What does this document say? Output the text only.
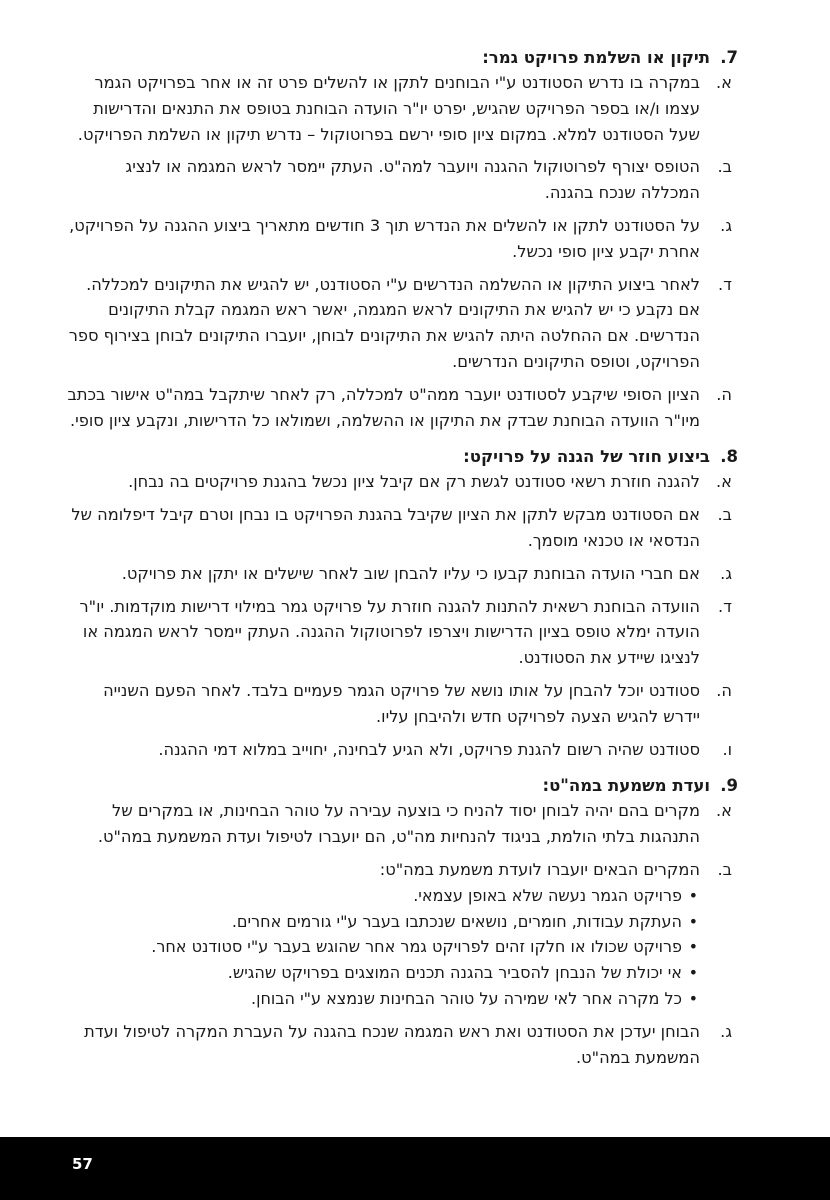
7.
תיקון או השלמת פרויקט גמר:
א.
במקרה בו נדרש הסטודנט ע"י הבוחנים לתקן או להשלים פרט זה או אחר בפרויקט הגמר עצמו ו/או בספר הפרויקט שהגיש, יפרט יו"ר הועדה הבוחנת בטופס את התנאים והדרישות שעל הסטודנט למלא. במקום ציון סופי ירשם בפרוטוקול – נדרש תיקון או השלמת הפרויקט.
ב.
הטופס יצורף לפרוטוקול ההגנה ויועבר למה"ט. העתק יימסר לראש המגמה או לנציג המכללה שנכח בהגנה.
ג.
על הסטודנט לתקן או להשלים את הנדרש תוך 3 חודשים מתאריך ביצוע ההגנה על הפרויקט, אחרת יקבע ציון סופי נכשל.
ד.
לאחר ביצוע התיקון או ההשלמה הנדרשים ע"י הסטודנט, יש להגיש את התיקונים למכללה. אם נקבע כי יש להגיש את התיקונים לראש המגמה, יאשר ראש המגמה קבלת התיקונים הנדרשים. אם ההחלטה היתה להגיש את התיקונים לבוחן, יועברו התיקונים לבוחן בצירוף ספר הפרויקט, וטופס התיקונים הנדרשים.
ה.
הציון הסופי שיקבע לסטודנט יועבר ממה"ט למכללה, רק לאחר שיתקבל במה"ט אישור בכתב מיו"ר הוועדה הבוחנת שבדק את התיקון או ההשלמה, ושמולאו כל הדרישות, ונקבע ציון סופי.
8.
ביצוע חוזר של הגנה על פרויקט:
א.
להגנה חוזרת רשאי סטודנט לגשת רק אם קיבל ציון נכשל בהגנת פרויקטים בה נבחן.
ב.
אם הסטודנט מבקש לתקן את הציון שקיבל בהגנת הפרויקט בו נבחן וטרם קיבל דיפלומה של הנדסאי או טכנאי מוסמך.
ג.
אם חברי הועדה הבוחנת קבעו כי עליו להבחן שוב לאחר שישלים או יתקן את פרויקט.
ד.
הוועדה הבוחנת רשאית להתנות להגנה חוזרת על פרויקט גמר במילוי דרישות מוקדמות. יו"ר הועדה ימלא טופס בציון הדרישות ויצרפו לפרוטוקול ההגנה. העתק יימסר לראש המגמה או לנציגו שיידע את הסטודנט.
ה.
סטודנט יוכל להבחן על אותו נושא של פרויקט הגמר פעמיים בלבד. לאחר הפעם השנייה יידרש להגיש הצעה לפרויקט חדש ולהיבחן עליו.
ו.
סטודנט שהיה רשום להגנת פרויקט, ולא הגיע לבחינה, יחוייב במלוא דמי ההגנה.
9.
ועדת משמעת במה"ט:
א.
מקרים בהם יהיה לבוחן יסוד להניח כי בוצעה עבירה על טוהר הבחינות, או במקרים של התנהגות בלתי הולמת, בניגוד להנחיות מה"ט, הם יועברו לטיפול ועדת המשמעת במה"ט.
ב.
המקרים הבאים יועברו לועדת משמעת במה"ט:
• פרויקט הגמר נעשה שלא באופן עצמאי.
• העתקת עבודות, חומרים, נושאים שנכתבו בעבר ע"י גורמים אחרים.
• פרויקט שכולו או חלקו זהים לפרויקט גמר אחר שהוגש בעבר ע"י סטודנט אחר.
• אי יכולת של הנבחן להסביר בהגנה תכנים המוצגים בפרויקט שהגיש.
• כל מקרה אחר לאי שמירה על טוהר הבחינות שנמצא ע"י הבוחן.
ג.
הבוחן יעדכן את הסטודנט ואת ראש המגמה שנכח בהגנה על העברת המקרה לטיפול ועדת המשמעת במה"ט.
57
